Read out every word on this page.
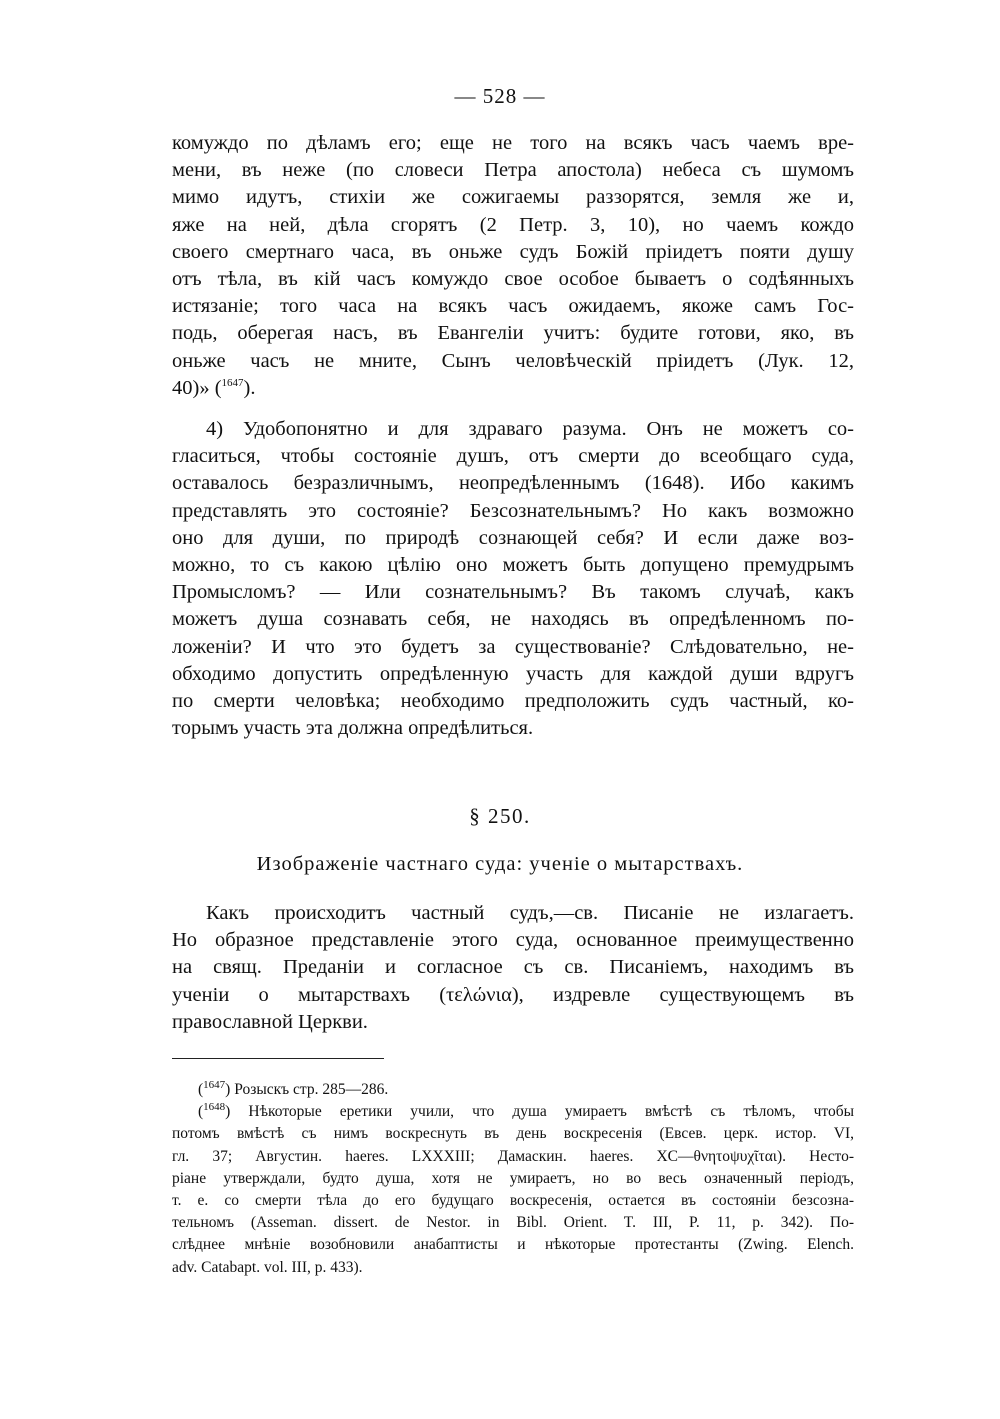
— 528 —
комуждо по дѣламъ его; еще не того на всякъ часъ чаемъ вре-
мени, въ неже (по словеси Петра апостола) небеса съ шумомъ
мимо идутъ, стихiи же сожигаемы раззорятся, земля же и,
яже на ней, дѣла сгорятъ (2 Петр. 3, 10), но чаемъ кождо
своего смертнаго часа, въ оньже судъ Божiй прiидетъ пояти душу
отъ тѣла, въ кiй часъ комуждо свое особое бываетъ о содѣянныхъ
истязанiе; того часа на всякъ часъ ожидаемъ, якоже самъ Гос-
подь, оберегая насъ, въ Евангелiи учитъ: будите готови, яко, въ
оньже часъ не мните, Сынъ человѣческiй прiидетъ (Лук. 12,
40)» ($^{1647}$).
4) Удобопонятно и для здраваго разума. Онъ не можетъ со-
гласиться, чтобы состоянiе душъ, отъ смерти до всеобщаго суда,
оставалось безразличнымъ, неопредѣленнымъ (1648). Ибо какимъ
представлять это состоянiе? Безсознательнымъ? Но какъ возможно
оно для души, по природѣ сознающей себя? И если даже воз-
можно, то съ какою цѣлiю оно можетъ быть допущено премудрымъ
Промысломъ? — Или сознательнымъ? Въ такомъ случаѣ, какъ
можетъ душа сознавать себя, не находясь въ опредѣленномъ по-
ложенiи? И что это будетъ за существованiе? Слѣдовательно, не-
обходимо допустить опредѣленную участь для каждой души вдругъ
по смерти человѣка; необходимо предположить судъ частный, ко-
торымъ участь эта должна опредѣлиться.
§ 250.
Изображенiе частнаго суда: ученiе о мытарствахъ.
Какъ происходитъ частный судъ,—св. Писанiе не излагаетъ.
Но образное представленiе этого суда, основанное преимущественно
на свящ. Преданiи и согласное съ св. Писанiемъ, находимъ въ
ученiи о мытарствахъ (τελώνια), издревле существующемъ въ
православной Церкви.
($^{1647}$) Розыскъ стр. 285—286.
($^{1648}$) Нѣкоторые еретики учили, что душа умираетъ вмѣстѣ съ тѣломъ, чтобы
потомъ вмѣстѣ съ нимъ воскреснуть въ день воскресенiя (Евсев. церк. истор. VI,
гл. 37; Августин. haeres. LXXXIII; Дамаскин. haeres. XC—θνητοψυχῖται). Несто-
рiане утверждали, будто душа, хотя не умираетъ, но во весь означенный перiодъ,
т. е. со смерти тѣла до его будущаго воскресенiя, остается въ состоянiи безсозна-
тельномъ (Asseman. dissert. de Nestor. in Bibl. Orient. T. III, P. 11, p. 342). По-
слѣднее мнѣнiе возобновили анабаптисты и нѣкоторые протестанты (Zwing. Elench.
adv. Catabapt. vol. III, p. 433).
